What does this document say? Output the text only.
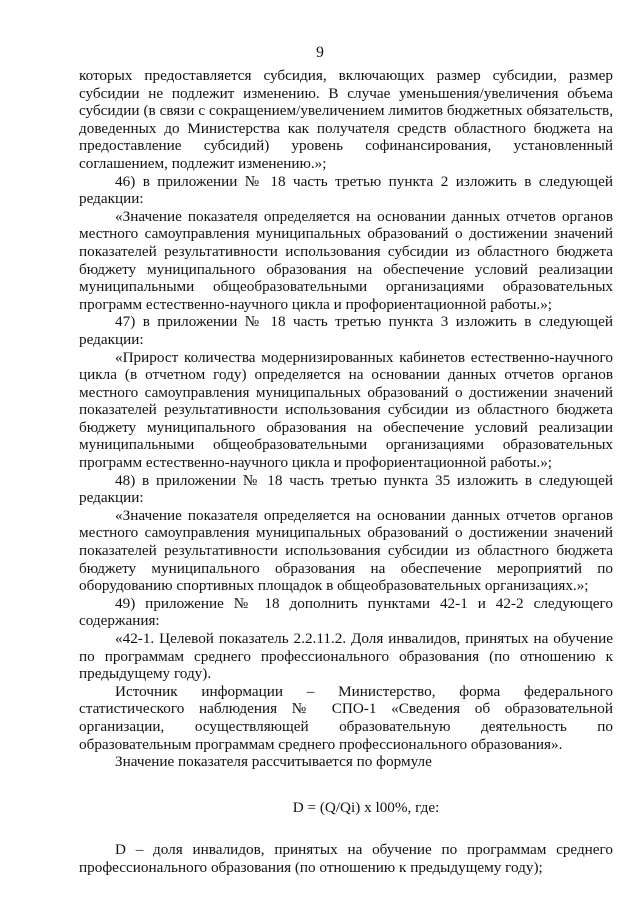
9

которых предоставляется субсидия, включающих размер субсидии, размер субсидии не подлежит изменению. В случае уменьшения/увеличения объема субсидии (в связи с сокращением/увеличением лимитов бюджетных обязательств, доведенных до Министерства как получателя средств областного бюджета на предоставление субсидий) уровень софинансирования, установленный соглашением, подлежит изменению.»;

46) в приложении № 18 часть третью пункта 2 изложить в следующей редакции:

«Значение показателя определяется на основании данных отчетов органов местного самоуправления муниципальных образований о достижении значений показателей результативности использования субсидии из областного бюджета бюджету муниципального образования на обеспечение условий реализации муниципальными общеобразовательными организациями образовательных программ естественно-научного цикла и профориентационной работы.»;

47) в приложении № 18 часть третью пункта 3 изложить в следующей редакции:

«Прирост количества модернизированных кабинетов естественно-научного цикла (в отчетном году) определяется на основании данных отчетов органов местного самоуправления муниципальных образований о достижении значений показателей результативности использования субсидии из областного бюджета бюджету муниципального образования на обеспечение условий реализации муниципальными общеобразовательными организациями образовательных программ естественно-научного цикла и профориентационной работы.»;

48) в приложении № 18 часть третью пункта 35 изложить в следующей редакции:

«Значение показателя определяется на основании данных отчетов органов местного самоуправления муниципальных образований о достижении значений показателей результативности использования субсидии из областного бюджета бюджету муниципального образования на обеспечение мероприятий по оборудованию спортивных площадок в общеобразовательных организациях.»;

49) приложение № 18 дополнить пунктами 42-1 и 42-2 следующего содержания:

«42-1. Целевой показатель 2.2.11.2. Доля инвалидов, принятых на обучение по программам среднего профессионального образования (по отношению к предыдущему году).

Источник информации – Министерство, форма федерального статистического наблюдения № СПО-1 «Сведения об образовательной организации, осуществляющей образовательную деятельность по образовательным программам среднего профессионального образования».

Значение показателя рассчитывается по формуле

D = (Q/Qi) x l00%, где:

D – доля инвалидов, принятых на обучение по программам среднего профессионального образования (по отношению к предыдущему году);
